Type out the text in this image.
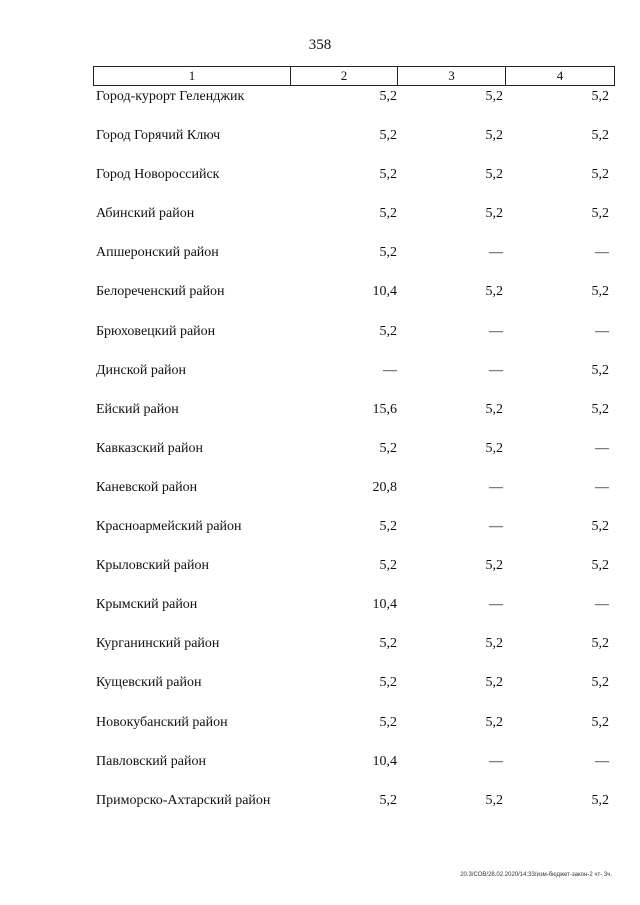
358
1	2	3	4
Город-курорт Геленджик	5,2	5,2	5,2
Город Горячий Ключ	5,2	5,2	5,2
Город Новороссийск	5,2	5,2	5,2
Абинский район	5,2	5,2	5,2
Апшеронский район	5,2	—	—
Белореченский район	10,4	5,2	5,2
Брюховецкий район	5,2	—	—
Динской район	—	—	5,2
Ейский район	15,6	5,2	5,2
Кавказский район	5,2	5,2	—
Каневской район	20,8	—	—
Красноармейский район	5,2	—	5,2
Крыловский район	5,2	5,2	5,2
Крымский район	10,4	—	—
Курганинский район	5,2	5,2	5,2
Кущевский район	5,2	5,2	5,2
Новокубанский район	5,2	5,2	5,2
Павловский район	10,4	—	—
Приморско-Ахтарский район	5,2	5,2	5,2
20.3/СОВ/28.02.2020/14:33/изм-бюджет-закон-2 чт- 3ч.
